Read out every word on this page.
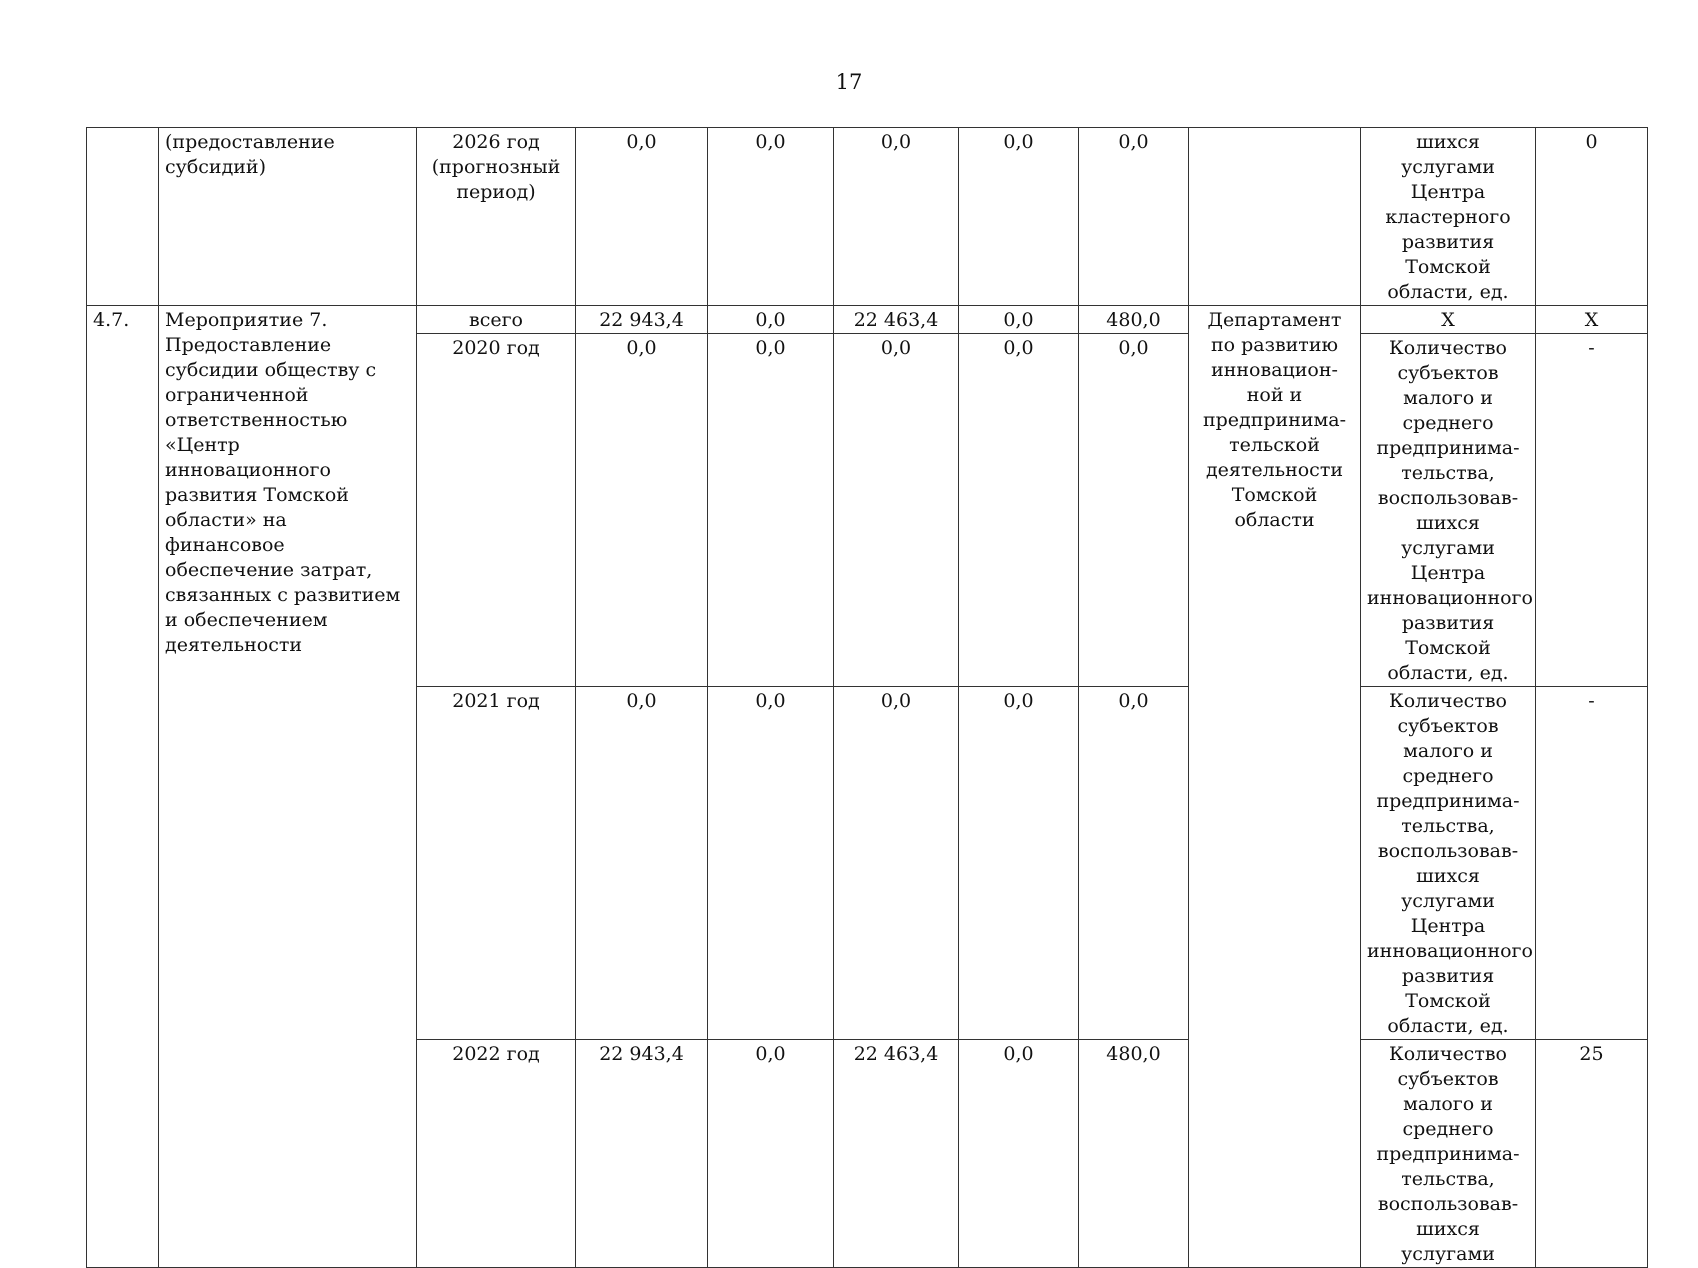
17
	(предоставление субсидий)	2026 год (прогнозный период)	0,0	0,0	0,0	0,0	0,0		шихся услугами Центра кластерного развития Томской области, ед.	0
4.7.	Мероприятие 7. Предоставление субсидии обществу с ограниченной ответственностью «Центр инновационного развития Томской области» на финансовое обеспечение затрат, связанных с развитием и обеспечением деятельности	всего	22 943,4	0,0	22 463,4	0,0	480,0	Департамент по развитию инновацион-ной и предпринима-тельской деятельности Томской области	X	X
		2020 год	0,0	0,0	0,0	0,0	0,0		Количество субъектов малого и среднего предпринима-тельства, воспользовав-шихся услугами Центра инновационного развития Томской области, ед.	-
		2021 год	0,0	0,0	0,0	0,0	0,0		Количество субъектов малого и среднего предпринима-тельства, воспользовав-шихся услугами Центра инновационного развития Томской области, ед.	-
		2022 год	22 943,4	0,0	22 463,4	0,0	480,0		Количество субъектов малого и среднего предпринима-тельства, воспользовав-шихся услугами	25
